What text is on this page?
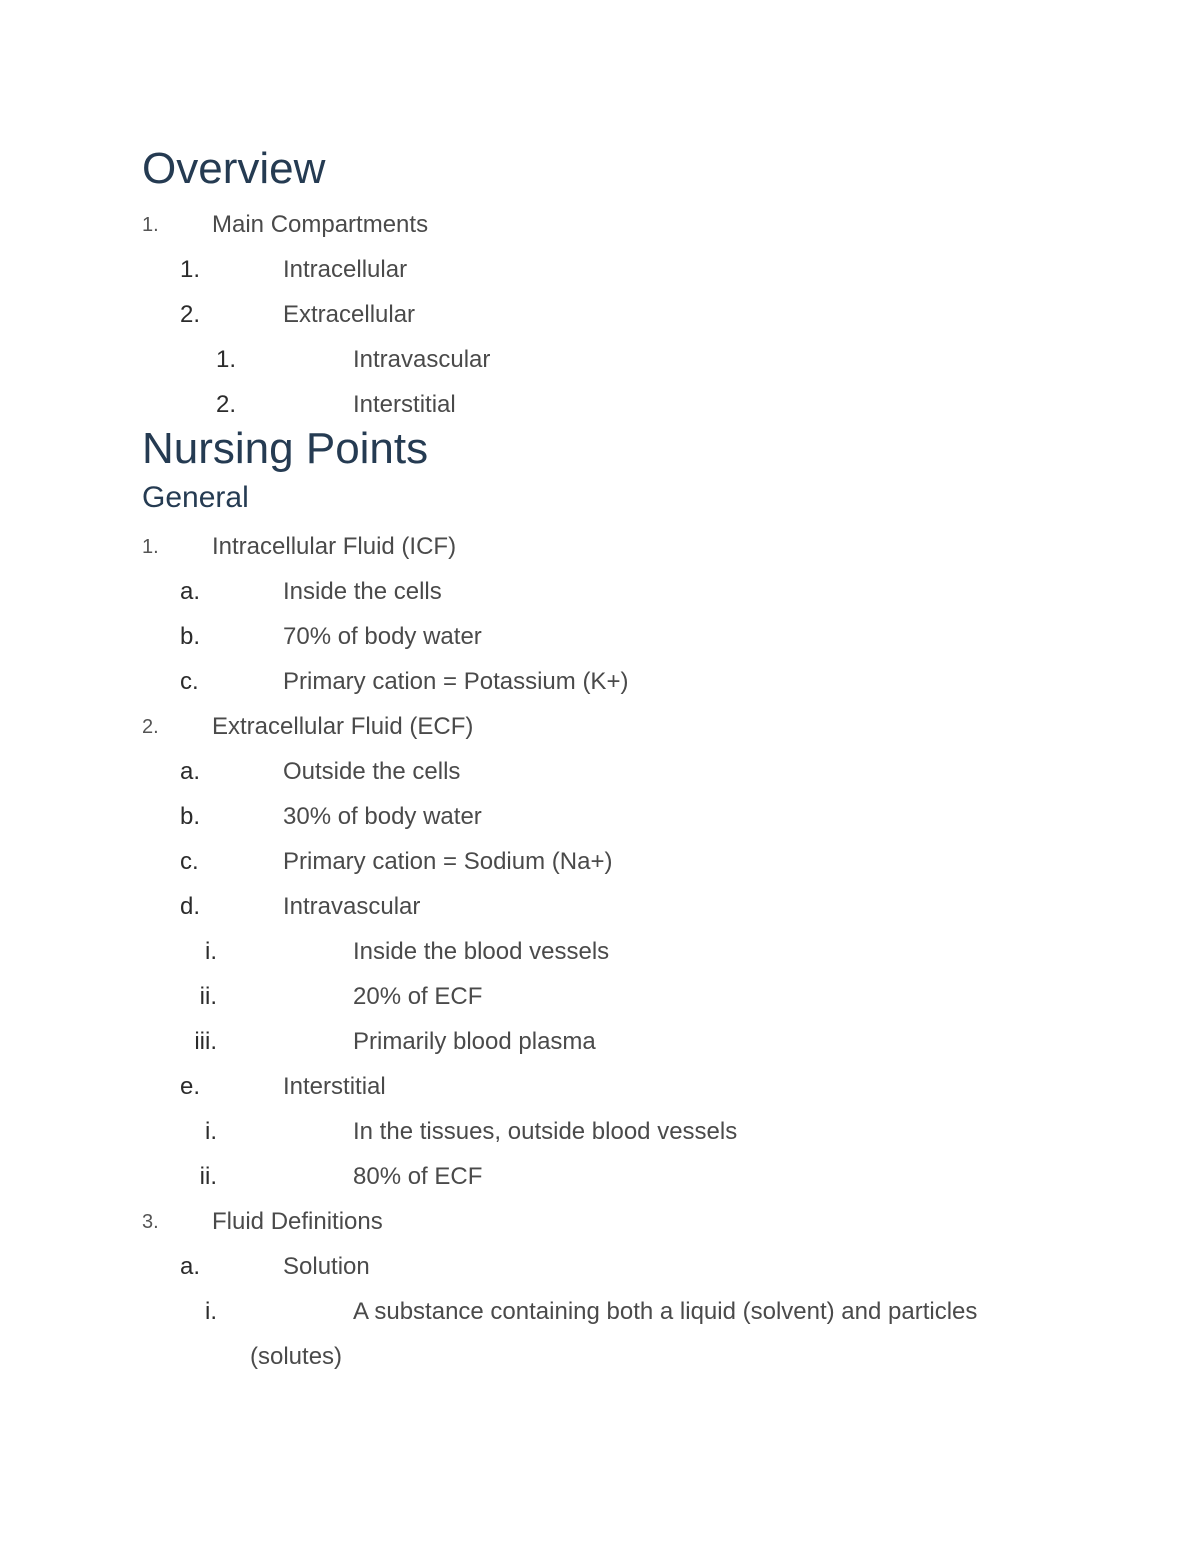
Overview
1. Main Compartments
1.	Intracellular
2.	Extracellular
1.	Intravascular
2.	Interstitial
Nursing Points
General
1. Intracellular Fluid (ICF)
a.	Inside the cells
b.	70% of body water
c.	Primary cation = Potassium (K+)
2. Extracellular Fluid (ECF)
a.	Outside the cells
b.	30% of body water
c.	Primary cation = Sodium (Na+)
d.	Intravascular
i.	Inside the blood vessels
ii.	20% of ECF
iii.	Primarily blood plasma
e.	Interstitial
i.	In the tissues, outside blood vessels
ii.	80% of ECF
3. Fluid Definitions
a.	Solution
i.	A substance containing both a liquid (solvent) and particles
(solutes)
